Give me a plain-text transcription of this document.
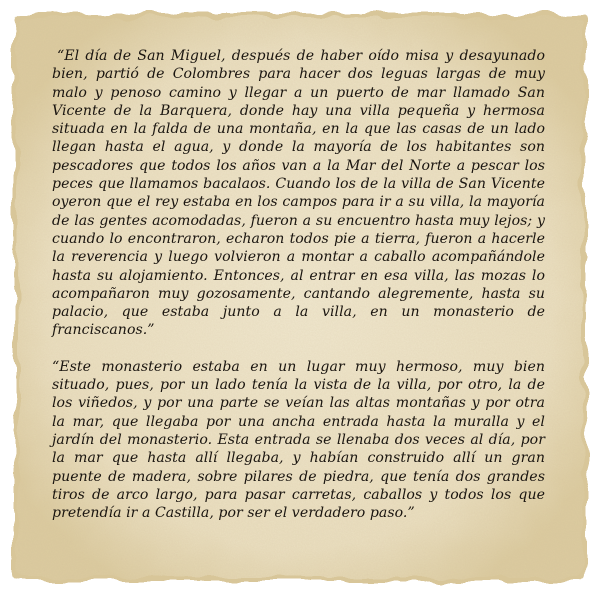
“El día de San Miguel, después de haber oído misa y desayunado bien, partió de Colombres para hacer dos leguas largas de muy malo y penoso camino y llegar a un puerto de mar llamado San Vicente de la Barquera, donde hay una villa pequeña y hermosa situada en la falda de una montaña, en la que las casas de un lado llegan hasta el agua, y donde la mayoría de los habitantes son pescadores que todos los años van a la Mar del Norte a pescar los peces que llamamos bacalaos. Cuando los de la villa de San Vicente oyeron que el rey estaba en los campos para ir a su villa, la mayoría de las gentes acomodadas, fueron a su encuentro hasta muy lejos; y cuando lo encontraron, echaron todos pie a tierra, fueron a hacerle la reverencia y luego volvieron a montar a caballo acompañándole hasta su alojamiento. Entonces, al entrar en esa villa, las mozas lo acompañaron muy gozosamente, cantando alegremente, hasta su palacio, que estaba junto a la villa, en un monasterio de franciscanos.”

“Este monasterio estaba en un lugar muy hermoso, muy bien situado, pues, por un lado tenía la vista de la villa, por otro, la de los viñedos, y por una parte se veían las altas montañas y por otra la mar, que llegaba por una ancha entrada hasta la muralla y el jardín del monasterio. Esta entrada se llenaba dos veces al día, por la mar que hasta allí llegaba, y habían construido allí un gran puente de madera, sobre pilares de piedra, que tenía dos grandes tiros de arco largo, para pasar carretas, caballos y todos los que pretendía ir a Castilla, por ser el verdadero paso.”
